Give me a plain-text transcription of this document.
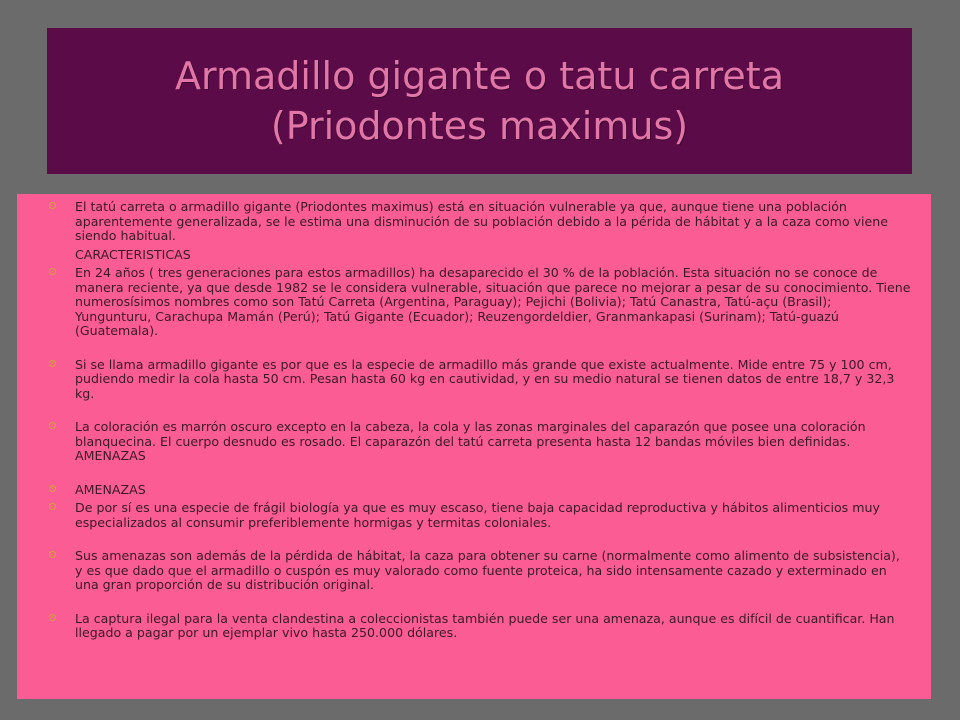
Armadillo gigante o tatu carreta (Priodontes maximus)

El tatú carreta o armadillo gigante (Priodontes maximus) está en situación vulnerable ya que, aunque tiene una población aparentemente generalizada, se le estima una disminución de su población debido a la périda de hábitat y a la caza como viene siendo habitual.

CARACTERISTICAS

En 24 años ( tres generaciones para estos armadillos) ha desaparecido el 30 % de la población. Esta situación no se conoce de manera reciente, ya que desde 1982 se le considera vulnerable, situación que parece no mejorar a pesar de su conocimiento. Tiene numerosísimos nombres como son Tatú Carreta (Argentina, Paraguay); Pejichi (Bolivia); Tatú Canastra, Tatú-açu (Brasil); Yungunturu, Carachupa Mamán (Perú); Tatú Gigante (Ecuador); Reuzengordeldier, Granmankapasi (Surinam); Tatú-guazú (Guatemala).

Si se llama armadillo gigante es por que es la especie de armadillo más grande que existe actualmente. Mide entre 75 y 100 cm, pudiendo medir la cola hasta 50 cm. Pesan hasta 60 kg en cautividad, y en su medio natural se tienen datos de entre 18,7 y 32,3 kg.

La coloración es marrón oscuro excepto en la cabeza, la cola y las zonas marginales del caparazón que posee una coloración blanquecina. El cuerpo desnudo es rosado. El caparazón del tatú carreta presenta hasta 12 bandas móviles bien definidas. AMENAZAS

AMENAZAS

De por sí es una especie de frágil biología ya que es muy escaso, tiene baja capacidad reproductiva y hábitos alimenticios muy especializados al consumir preferiblemente hormigas y termitas coloniales.

Sus amenazas son además de la pérdida de hábitat, la caza para obtener su carne (normalmente como alimento de subsistencia), y es que dado que el armadillo o cuspón es muy valorado como fuente proteica, ha sido intensamente cazado y exterminado en una gran proporción de su distribución original.

La captura ilegal para la venta clandestina a coleccionistas también puede ser una amenaza, aunque es difícil de cuantificar. Han llegado a pagar por un ejemplar vivo hasta 250.000 dólares.
